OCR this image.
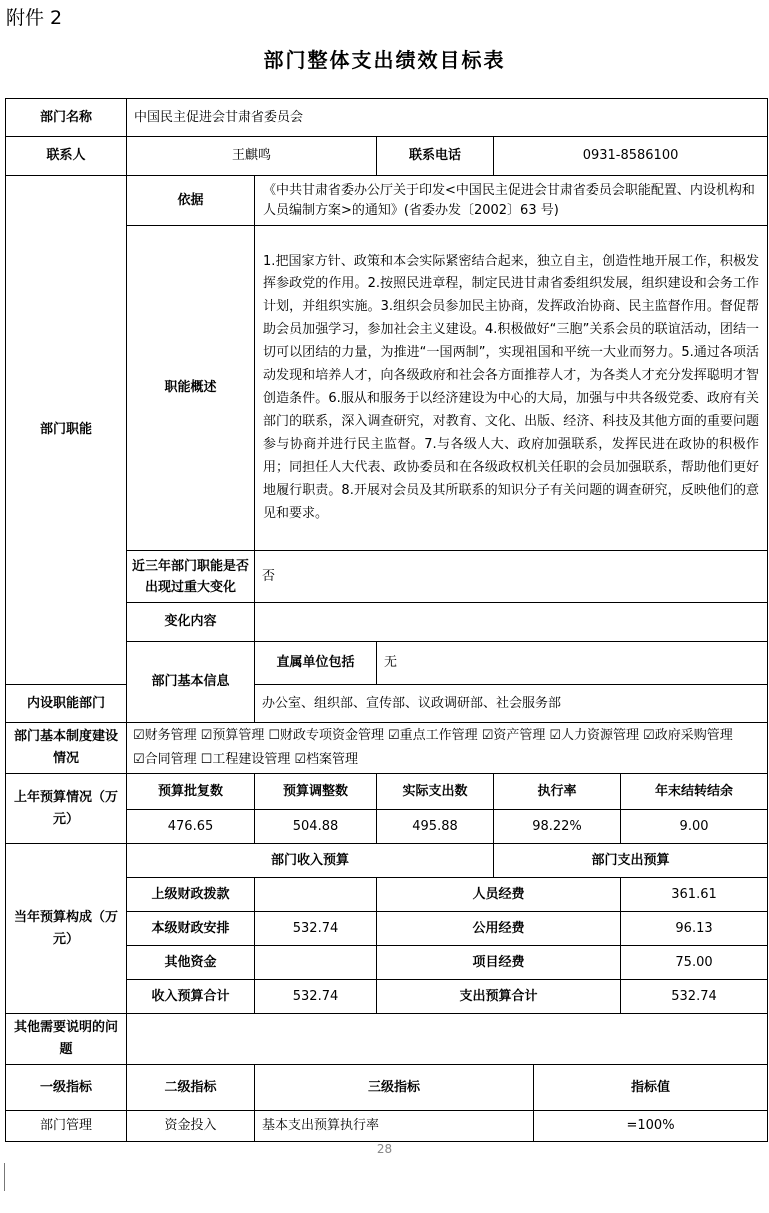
附件 2
部门整体支出绩效目标表
部门名称	中国民主促进会甘肃省委员会					
联系人	王麒鸣		联系电话	0931-8586100		
部门职能	依据	《中共甘肃省委办公厅关于印发<中国民主促进会甘肃省委员会职能配置、内设机构和人员编制方案>的通知》(省委办发〔2002〕63 号)				
	职能概述	1.把国家方针、政策和本会实际紧密结合起来，独立自主，创造性地开展工作，积极发挥参政党的作用。2.按照民进章程，制定民进甘肃省委组织发展，组织建设和会务工作计划，并组织实施。3.组织会员参加民主协商，发挥政治协商、民主监督作用。督促帮助会员加强学习，参加社会主义建设。4.积极做好“三胞”关系会员的联谊活动，团结一切可以团结的力量，为推进“一国两制”，实现祖国和平统一大业而努力。5.通过各项活动发现和培养人才，向各级政府和社会各方面推荐人才，为各类人才充分发挥聪明才智创造条件。6.服从和服务于以经济建设为中心的大局，加强与中共各级党委、政府有关部门的联系，深入调查研究，对教育、文化、出版、经济、科技及其他方面的重要问题参与协商并进行民主监督。7.与各级人大、政府加强联系，发挥民进在政协的积极作用；同担任人大代表、政协委员和在各级政权机关任职的会员加强联系，帮助他们更好地履行职责。8.开展对会员及其所联系的知识分子有关问题的调查研究，反映他们的意见和要求。				
	近三年部门职能是否出现过重大变化	否				
	变化内容					
	部门基本信息	直属单位包括	无			
内设职能部门		办公室、组织部、宣传部、议政调研部、社会服务部				
部门基本制度建设情况	☑财务管理 ☑预算管理 ☐财政专项资金管理 ☑重点工作管理 ☑资产管理 ☑人力资源管理 ☑政府采购管理☑合同管理 ☐工程建设管理 ☑档案管理					
上年预算情况（万元）	预算批复数	预算调整数	实际支出数	执行率		年末结转结余
	476.65	504.88	495.88	98.22%		9.00
当年预算构成（万元）	部门收入预算			部门支出预算		
	上级财政拨款		人员经费			361.61
	本级财政安排	532.74	公用经费			96.13
	其他资金		项目经费			75.00
	收入预算合计	532.74	支出预算合计			532.74
其他需要说明的问题						
一级指标	二级指标	三级指标			指标值	
部门管理	资金投入	基本支出预算执行率			=100%	
28
